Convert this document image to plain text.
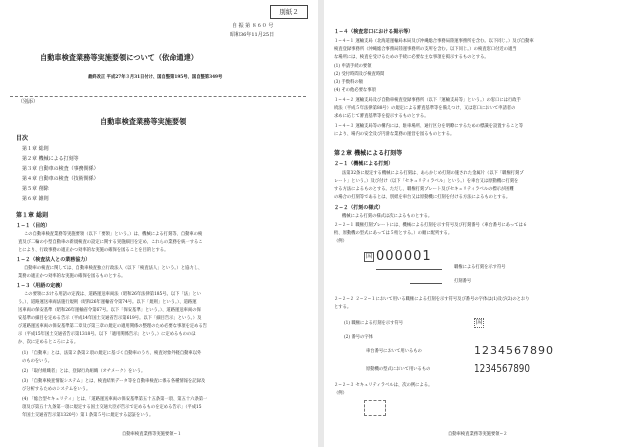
別紙２
自 振 第 ８６０ 号
昭和36年11月25日
自動車検査業務等実施要領について（依命通達）
最終改正 平成27年３月31日付け、国自整第195号、国自整第349号
（別添）
自動車検査業務等実施要領
目次
第１章 総則
第２章 機械による打刻等
第３章 自動車の検査（事務関係）
第４章 自動車の検査（技術関係）
第５章 削除
第６章 雑則
第１章 総則
１−１（目的）
この自動車検査業務等実施要領（以下「要領」という。）は、機械による打刻等、自動車の検
査及び二輪の小型自動車の新規検査の設定に関する実施細目を定め、これらの業務を統一するこ
とにより、行政事務の適正かつ効率的な実施の確保を図ることを目的とする。
１−２（検査法人との業務協力）
自動車の検査に関しては、自動車検査独立行政法人（以下「検査法人」という。）と協力し、
業務の適正かつ効率的な実施の確保を図るものとする。
１−３（用語の定義）
この要領における用語の定義は、道路運送車両法（昭和26年法律第185号。以下「法」とい
う。）、道路運送車両法施行規則（昭和26年運輸省令第74号。以下「規則」という。）、道路運
送車両の保安基準（昭和26年運輸省令第67号。以下「保安基準」という。）、道路運送車両の保
安基準の細目を定める告示（平成14年国土交通省告示第619号。以下「細目告示」という。）及
び道路運送車両の保安基準第二章及び第三章の規定の適用関係の整理のため必要な事項を定める告
示（平成15年国土交通省告示第1318号。以下「適用関係告示」という。）に定めるもののほ
か、次に定めるところによる。
(1) 「自動車」とは、法第２条第２項の規定に基づく自動車のうち、検査対象外軽自動車以外
のものをいう。
(2) 「取付組織者」とは、登録行為組織（オチメーク）をいう。
(3) 「自動車検査情報システム」とは、検査結果データ等を自動車検査に係る各種情報を記録及
び分析するためのシステムをいう。
(4) 「総合型セキュリティ」とは、「道路運送車両の保安基準第五十五条第一項、第五十六条第一
項及び第五十九条第一項に規定する国土交通大臣が告示で定めるものを定める告示」（平成15
年国土交通省告示第1320号）第１条第５号に規定する認証をいう。
自動車検査業務等実施要領−１
１−４（検査窓口における掲示等）
１−４−１ 運輸支局（北海道運輸局本局及び沖縄総合事務局陸運事務所を含む。以下同じ。）及び自動車
検査登録事務所（沖縄総合事務局陸運事務所の支所を含む。以下同じ。）の検査窓口付近の適当
な場所には、検査を受けるための手続に必要な主な事項を掲示するものとする。
(1) 申請手続の要領
(2) 受付時間及び検査時間
(3) 手数料の額
(4) その他必要な事項
１−４−２ 運輸支局及び自動車検査登録事務所（以下「運輸支局等」という。）の窓口には行政手
続法（平成５年法律第88号）の規定による審査基準等を備えつけ、又は窓口において申請者の
求めに応じて審査基準等を提示するものとする。
１−４−３ 運輸支局等の構内には、駐車場所、通行区分を明瞭にするための標識を設置すること等
により、場内の安全及び円滑な業務の運営を図るものとする。
第２章 機械による打刻等
２−１（機械による打刻）
法第32条に規定する機械による打刻は、あらかじめ打刻の施された金属片（以下「職権打刻プ
レート」という。）及び付け（以下「セキュリティラベル」という。）を車台又は原動機に打刻を
する方法によるものとする。ただし、職権打刻プレート及びセキュリティラベルの標示が困難
の場合の打刻等であるとは、別紙を車台又は原動機に打刻を付ける方法によるものとする。
２−２（打刻の様式）
機械による打刻の様式は次によるものとする。
２−２−１ 職権打刻プレートには、機械による打刻を示す符号及び打刻番号（車台番号にあっては６
桁、原動機の型式にあっては５桁とする。）の順に配列する。
（例）
国 000001
職権による打刻を示す符号
打刻番号
２−２−２ ２−２−１において用いる職権による打刻を示す符号及び番号の字体は(1)及び(2)のとおり
とする。
(1) 職権による打刻を示す符号	国
(2) 番号の字体
車台番号において用いるもの	1234567890
原動機の型式において用いるもの	1234567890
２−２−３ セキュリティラベルは、次の例による。
（例）
自動車検査業務等実施要領−２
